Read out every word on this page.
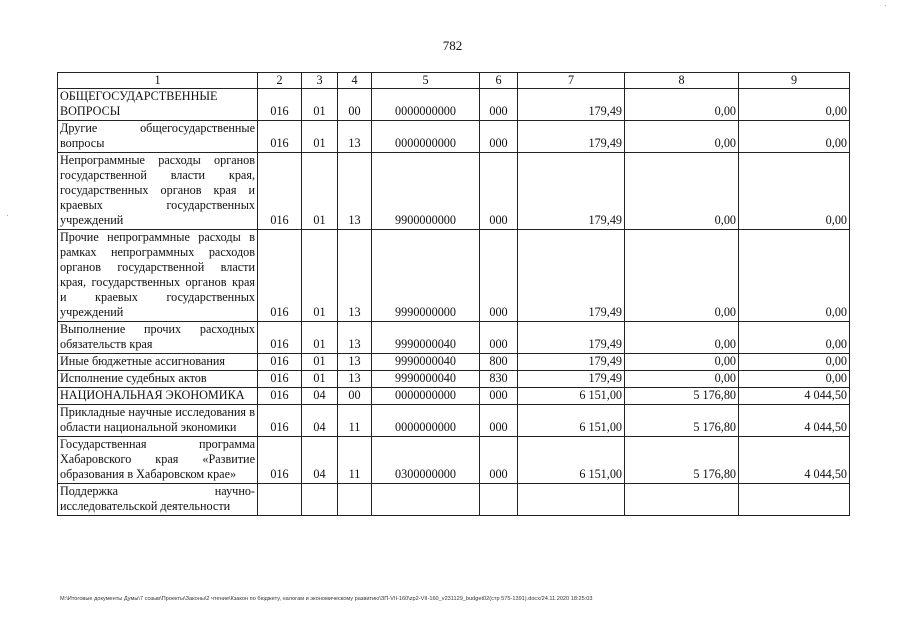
782
1	2	3	4	5	6	7	8	9
ОБЩЕГОСУДАРСТВЕННЫЕ ВОПРОСЫ	016	01	00	0000000000	000	179,49	0,00	0,00
Другие общегосударственные вопросы	016	01	13	0000000000	000	179,49	0,00	0,00
Непрограммные расходы органов государственной власти края, государственных органов края и краевых государственных учреждений	016	01	13	9900000000	000	179,49	0,00	0,00
Прочие непрограммные расходы в рамках непрограммных расходов органов государственной власти края, государственных органов края и краевых государственных учреждений	016	01	13	9990000000	000	179,49	0,00	0,00
Выполнение прочих расходных обязательств края	016	01	13	9990000040	000	179,49	0,00	0,00
Иные бюджетные ассигнования	016	01	13	9990000040	800	179,49	0,00	0,00
Исполнение судебных актов	016	01	13	9990000040	830	179,49	0,00	0,00
НАЦИОНАЛЬНАЯ ЭКОНОМИКА	016	04	00	0000000000	000	6 151,00	5 176,80	4 044,50
Прикладные научные исследования в области национальной экономики	016	04	11	0000000000	000	6 151,00	5 176,80	4 044,50
Государственная программа Хабаровского края «Развитие образования в Хабаровском крае»	016	04	11	0300000000	000	6 151,00	5 176,80	4 044,50
Поддержка научно-исследовательской деятельности								
M:\Итоговые документы Думы\7 созыв\Проекты\Законы\2 чтение\Кзакон по бюджету, налогам и экономическому развитию\ЗП-VII-160\zp2-VII-160_v231129_budget02(стр 575-1391).docx/24.11.2020 18:25:03
·
·
